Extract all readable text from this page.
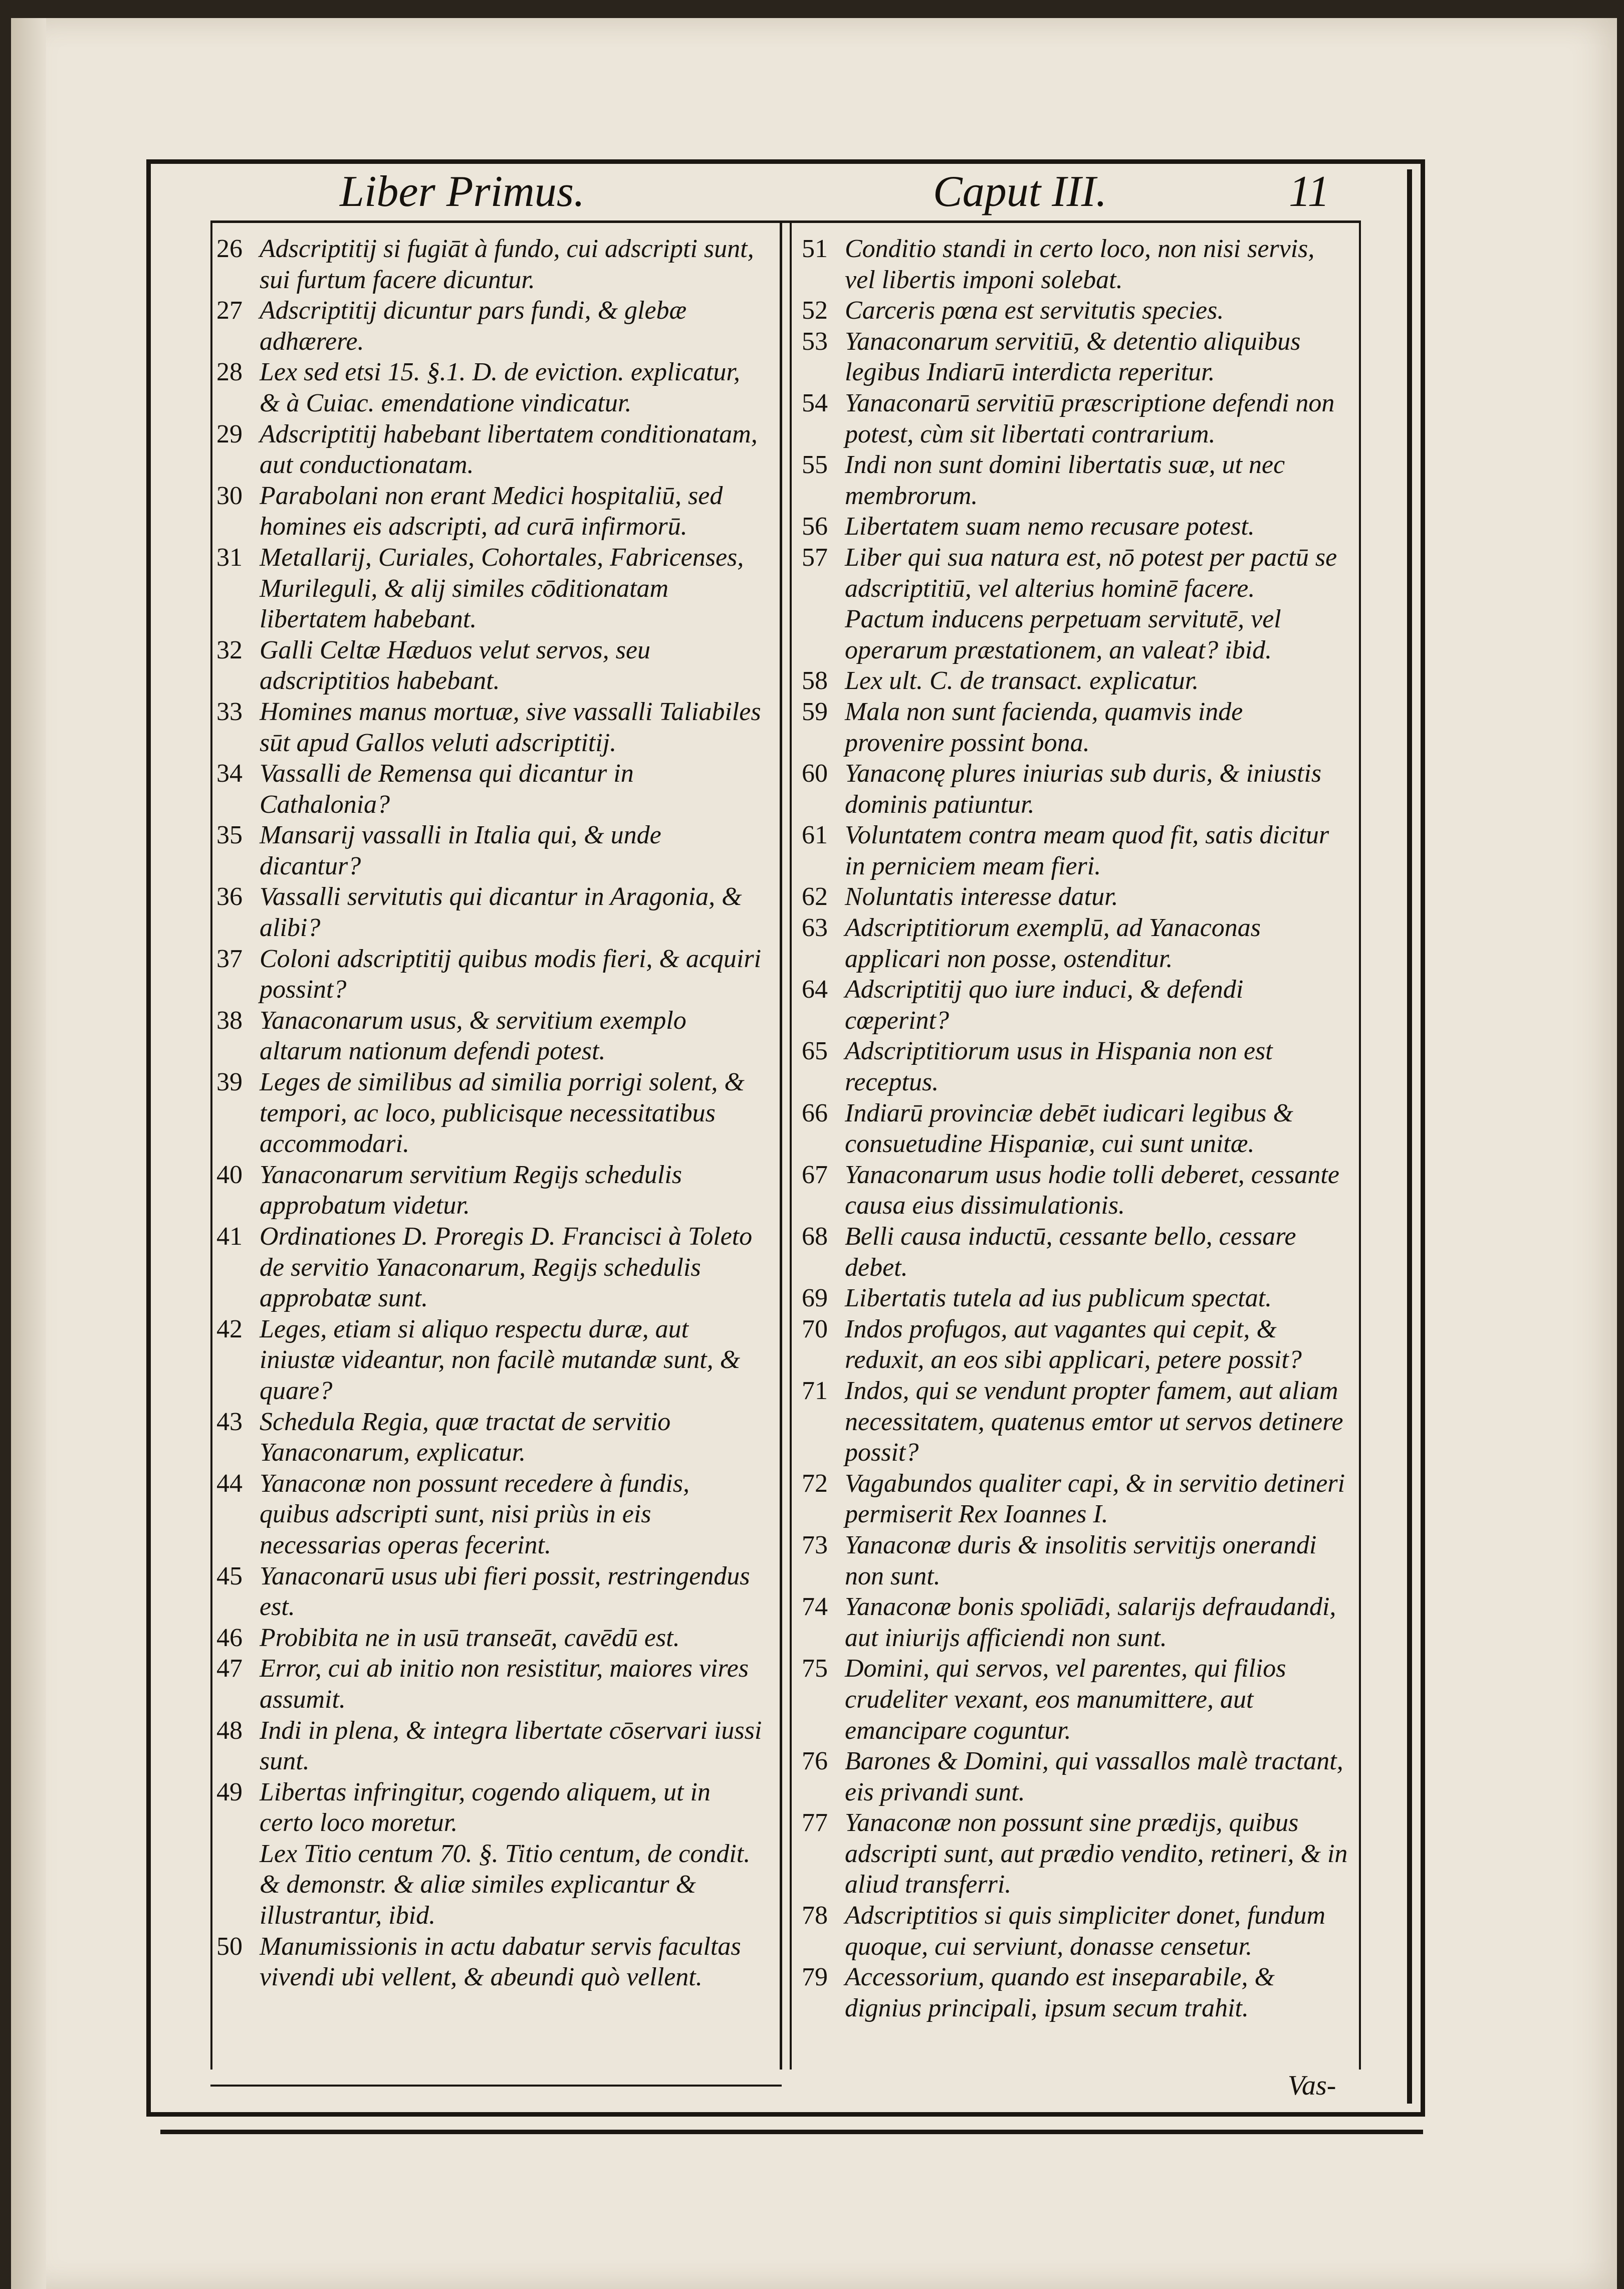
Liber Primus.	Caput III.	11

26 Adscriptitij si fugiāt à fundo, cui adscripti sunt, sui furtum facere dicuntur.

27 Adscriptitij dicuntur pars fundi, & glebæ adhærere.

28 Lex sed etsi 15. §.1. D. de eviction. explicatur, & à Cuiac. emendatione vindicatur.

29 Adscriptitij habebant libertatem conditionatam, aut conductionatam.

30 Parabolani non erant Medici hospitaliū, sed homines eis adscripti, ad curā infirmorū.

31 Metallarij, Curiales, Cohortales, Fabricenses, Murileguli, & alij similes cōditionatam libertatem habebant.

32 Galli Celtæ Hæduos velut servos, seu adscriptitios habebant.

33 Homines manus mortuæ, sive vassalli Taliabiles sūt apud Gallos veluti adscriptitij.

34 Vassalli de Remensa qui dicantur in Cathalonia?

35 Mansarij vassalli in Italia qui, & unde dicantur?

36 Vassalli servitutis qui dicantur in Aragonia, & alibi?

37 Coloni adscriptitij quibus modis fieri, & acquiri possint?

38 Yanaconarum usus, & servitium exemplo altarum nationum defendi potest.

39 Leges de similibus ad similia porrigi solent, & tempori, ac loco, publicisque necessitatibus accommodari.

40 Yanaconarum servitium Regijs schedulis approbatum videtur.

41 Ordinationes D. Proregis D. Francisci à Toleto de servitio Yanaconarum, Regijs schedulis approbatæ sunt.

42 Leges, etiam si aliquo respectu duræ, aut iniustæ videantur, non facilè mutandæ sunt, & quare?

43 Schedula Regia, quæ tractat de servitio Yanaconarum, explicatur.

44 Yanaconæ non possunt recedere à fundis, quibus adscripti sunt, nisi priùs in eis necessarias operas fecerint.

45 Yanaconarū usus ubi fieri possit, restringendus est.

46 Probibita ne in usū transeāt, cavēdū est.

47 Error, cui ab initio non resistitur, maiores vires assumit.

48 Indi in plena, & integra libertate cōservari iussi sunt.

49 Libertas infringitur, cogendo aliquem, ut in certo loco moretur.

Lex Titio centum 70. §. Titio centum, de condit. & demonstr. & aliæ similes explicantur & illustrantur, ibid.

50 Manumissionis in actu dabatur servis facultas vivendi ubi vellent, & abeundi quò vellent.

51 Conditio standi in certo loco, non nisi servis, vel libertis imponi solebat.

52 Carceris pœna est servitutis species.

53 Yanaconarum servitiū, & detentio aliquibus legibus Indiarū interdicta reperitur.

54 Yanaconarū servitiū præscriptione defendi non potest, cùm sit libertati contrarium.

55 Indi non sunt domini libertatis suæ, ut nec membrorum.

56 Libertatem suam nemo recusare potest.

57 Liber qui sua natura est, nō potest per pactū se adscriptitiū, vel alterius hominē facere.

Pactum inducens perpetuam servitutē, vel operarum præstationem, an valeat? ibid.

58 Lex ult. C. de transact. explicatur.

59 Mala non sunt facienda, quamvis inde provenire possint bona.

60 Yanaconę plures iniurias sub duris, & iniustis dominis patiuntur.

61 Voluntatem contra meam quod fit, satis dicitur in perniciem meam fieri.

62 Noluntatis interesse datur.

63 Adscriptitiorum exemplū, ad Yanaconas applicari non posse, ostenditur.

64 Adscriptitij quo iure induci, & defendi cœperint?

65 Adscriptitiorum usus in Hispania non est receptus.

66 Indiarū provinciæ debēt iudicari legibus & consuetudine Hispaniæ, cui sunt unitæ.

67 Yanaconarum usus hodie tolli deberet, cessante causa eius dissimulationis.

68 Belli causa inductū, cessante bello, cessare debet.

69 Libertatis tutela ad ius publicum spectat.

70 Indos profugos, aut vagantes qui cepit, & reduxit, an eos sibi applicari, petere possit?

71 Indos, qui se vendunt propter famem, aut aliam necessitatem, quatenus emtor ut servos detinere possit?

72 Vagabundos qualiter capi, & in servitio detineri permiserit Rex Ioannes I.

73 Yanaconæ duris & insolitis servitijs onerandi non sunt.

74 Yanaconæ bonis spoliādi, salarijs defraudandi, aut iniurijs afficiendi non sunt.

75 Domini, qui servos, vel parentes, qui filios crudeliter vexant, eos manumittere, aut emancipare coguntur.

76 Barones & Domini, qui vassallos malè tractant, eis privandi sunt.

77 Yanaconæ non possunt sine prædijs, quibus adscripti sunt, aut prædio vendito, retineri, & in aliud transferri.

78 Adscriptitios si quis simpliciter donet, fundum quoque, cui serviunt, donasse censetur.

79 Accessorium, quando est inseparabile, & dignius principali, ipsum secum trahit.

Vas-
